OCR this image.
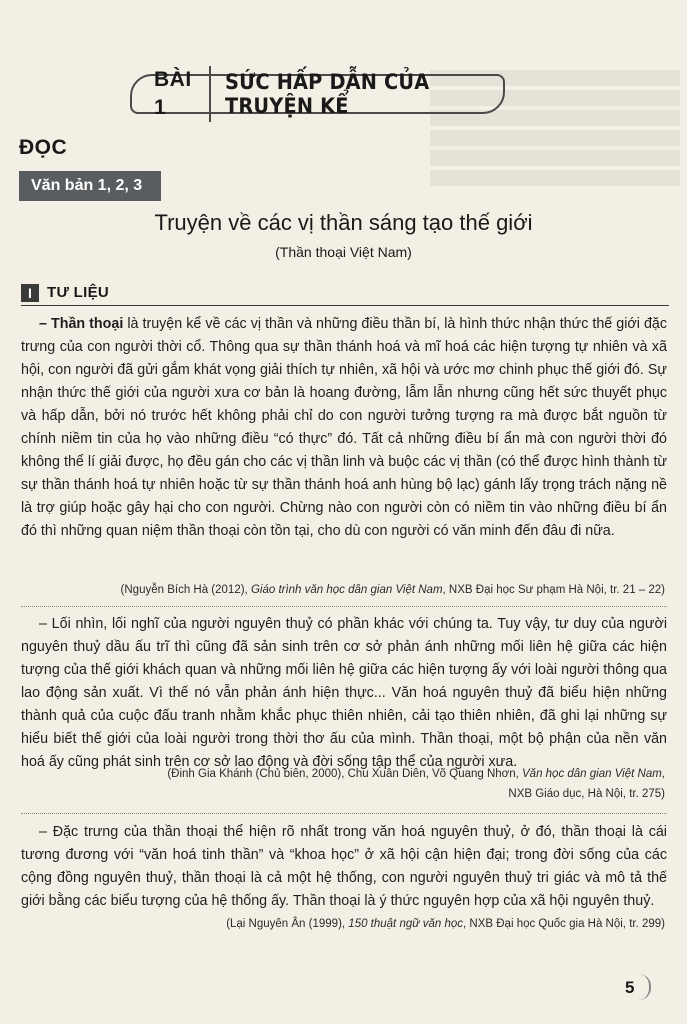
BÀI 1
SỨC HẤP DẪN CỦA TRUYỆN KỂ
ĐỌC
Văn bản 1, 2, 3
Truyện về các vị thần sáng tạo thế giới
(Thần thoại Việt Nam)
I	TƯ LIỆU
– Thần thoại là truyện kể về các vị thần và những điều thần bí, là hình thức nhận thức thế giới đặc trưng của con người thời cổ. Thông qua sự thần thánh hoá và mĩ hoá các hiện tượng tự nhiên và xã hội, con người đã gửi gắm khát vọng giải thích tự nhiên, xã hội và ước mơ chinh phục thế giới đó. Sự nhận thức thế giới của người xưa cơ bản là hoang đường, lẫm lẫn nhưng cũng hết sức thuyết phục và hấp dẫn, bởi nó trước hết không phải chỉ do con người tưởng tượng ra mà được bắt nguồn từ chính niềm tin của họ vào những điều “có thực” đó. Tất cả những điều bí ẩn mà con người thời đó không thể lí giải được, họ đều gán cho các vị thần linh và buộc các vị thần (có thể được hình thành từ sự thần thánh hoá tự nhiên hoặc từ sự thần thánh hoá anh hùng bộ lạc) gánh lấy trọng trách nặng nề là trợ giúp hoặc gây hại cho con người. Chừng nào con người còn có niềm tin vào những điều bí ẩn đó thì những quan niệm thần thoại còn tồn tại, cho dù con người có văn minh đến đâu đi nữa.
(Nguyễn Bích Hà (2012), Giáo trình văn học dân gian Việt Nam, NXB Đại học Sư phạm Hà Nội, tr. 21 – 22)
– Lối nhìn, lối nghĩ của người nguyên thuỷ có phần khác với chúng ta. Tuy vậy, tư duy của người nguyên thuỷ dầu ấu trĩ thì cũng đã sản sinh trên cơ sở phản ánh những mối liên hệ giữa các hiện tượng của thế giới khách quan và những mối liên hệ giữa các hiện tượng ấy với loài người thông qua lao động sản xuất. Vì thế nó vẫn phản ánh hiện thực... Văn hoá nguyên thuỷ đã biểu hiện những thành quả của cuộc đấu tranh nhằm khắc phục thiên nhiên, cải tạo thiên nhiên, đã ghi lại những sự hiểu biết thế giới của loài người trong thời thơ ấu của mình. Thần thoại, một bộ phận của nền văn hoá ấy cũng phát sinh trên cơ sở lao động và đời sống tập thể của người xưa.
(Đinh Gia Khánh (Chủ biên, 2000), Chu Xuân Diên, Võ Quang Nhơn, Văn học dân gian Việt Nam,
NXB Giáo dục, Hà Nội, tr. 275)
– Đặc trưng của thần thoại thể hiện rõ nhất trong văn hoá nguyên thuỷ, ở đó, thần thoại là cái tương đương với “văn hoá tinh thần” và “khoa học” ở xã hội cận hiện đại; trong đời sống của các cộng đồng nguyên thuỷ, thần thoại là cả một hệ thống, con người nguyên thuỷ tri giác và mô tả thế giới bằng các biểu tượng của hệ thống ấy. Thần thoại là ý thức nguyên hợp của xã hội nguyên thuỷ.
(Lại Nguyên Ân (1999), 150 thuật ngữ văn học, NXB Đại học Quốc gia Hà Nội, tr. 299)
5
